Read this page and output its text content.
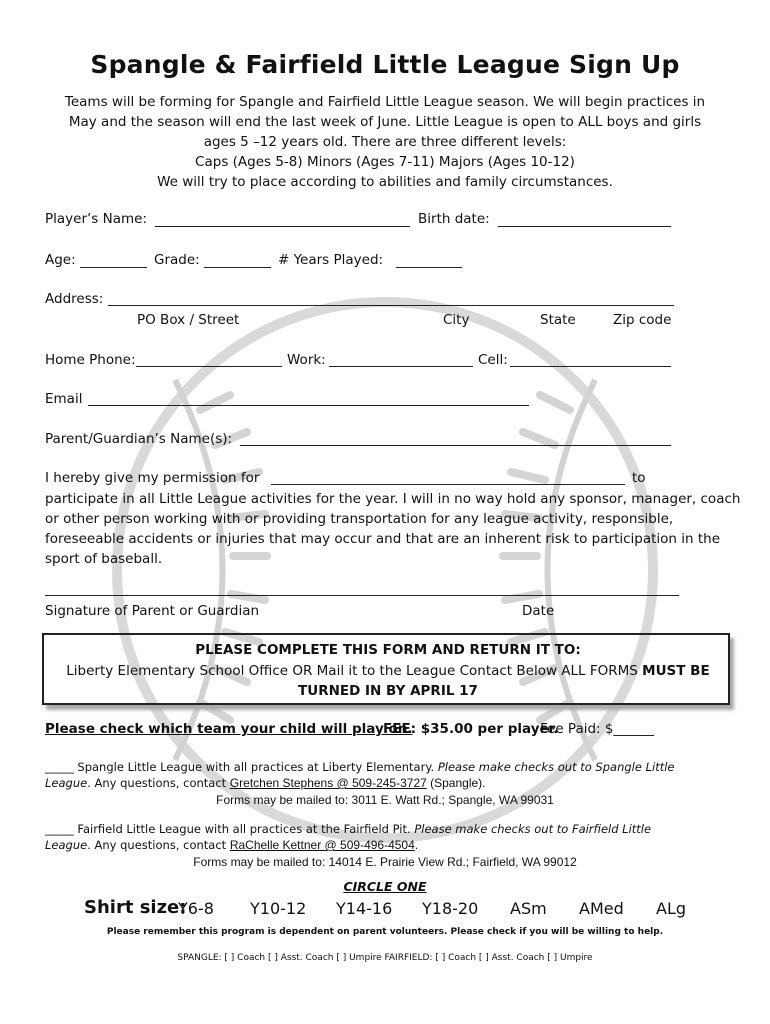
Spangle & Fairfield Little League Sign Up
Teams will be forming for Spangle and Fairfield Little League season. We will begin practices in
May and the season will end the last week of June. Little League is open to ALL boys and girls
ages 5 –12 years old. There are three different levels:
Caps (Ages 5-8) Minors (Ages 7-11) Majors (Ages 10-12)
We will try to place according to abilities and family circumstances.
Player’s Name:	Birth date:
Age:	Grade:	# Years Played:
Address:
PO Box / Street	City	State	Zip code
Home Phone:	Work:	Cell:
Email
Parent/Guardian’s Name(s):
I hereby give my permission for	to
participate in all Little League activities for the year. I will in no way hold any sponsor, manager, coach or other person working with or providing transportation for any league activity, responsible, foreseeable accidents or injuries that may occur and that are an inherent risk to participation in the sport of baseball.
Signature of Parent or Guardian	Date
PLEASE COMPLETE THIS FORM AND RETURN IT TO:
Liberty Elementary School Office OR Mail it to the League Contact Below ALL FORMS MUST BE
TURNED IN BY APRIL 17
Please check which team your child will play on.
FEE: $35.00 per player.
Fee Paid: $______
_____ Spangle Little League with all practices at Liberty Elementary. Please make checks out to Spangle Little
League. Any questions, contact Gretchen Stephens @ 509-245-3727 (Spangle).
Forms may be mailed to: 3011 E. Watt Rd.; Spangle, WA 99031
_____ Fairfield Little League with all practices at the Fairfield Pit. Please make checks out to Fairfield Little
League. Any questions, contact RaChelle Kettner @ 509-496-4504.
Forms may be mailed to: 14014 E. Prairie View Rd.; Fairfield, WA 99012
CIRCLE ONE
Shirt size:
Y6-8 Y10-12 Y14-16 Y18-20 ASm AMed ALg
Please remember this program is dependent on parent volunteers. Please check if you will be willing to help.
SPANGLE: [ ] Coach [ ] Asst. Coach [ ] Umpire FAIRFIELD: [ ] Coach [ ] Asst. Coach [ ] Umpire
